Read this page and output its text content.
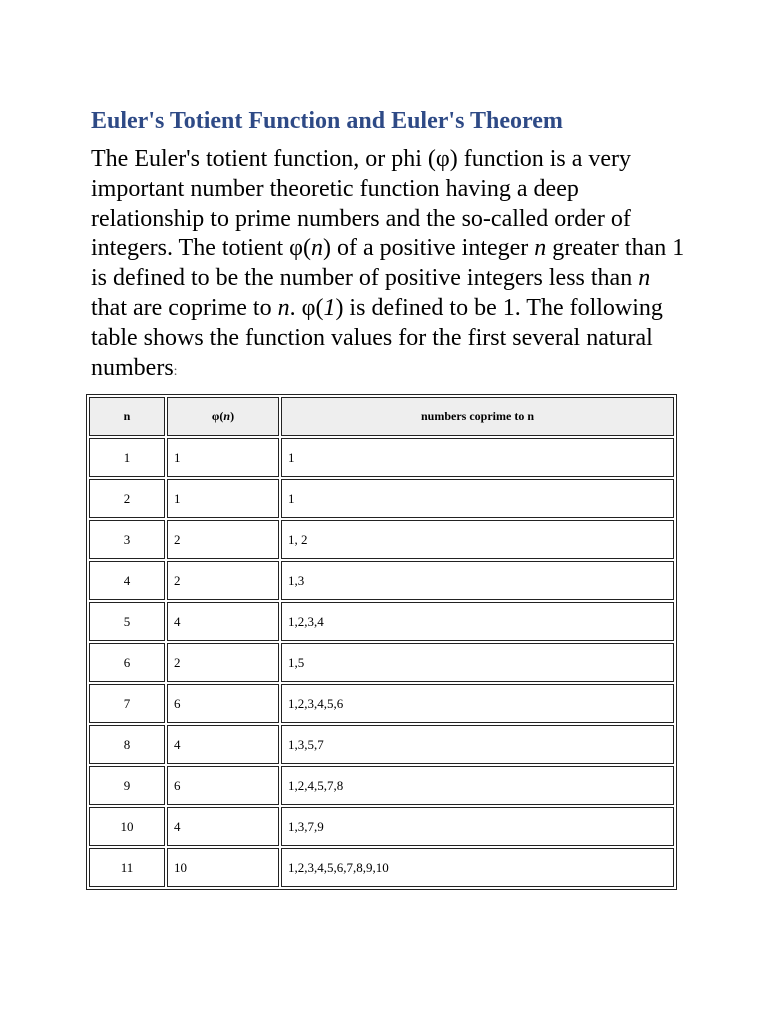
Euler's Totient Function and Euler's Theorem

The Euler's totient function, or phi (φ) function is a very important number theoretic function having a deep relationship to prime numbers and the so-called order of integers. The totient φ(n) of a positive integer n greater than 1 is defined to be the number of positive integers less than n that are coprime to n. φ(1) is defined to be 1. The following table shows the function values for the first several natural numbers:

n	φ(n)	numbers coprime to n
1	1	1
2	1	1
3	2	1, 2
4	2	1,3
5	4	1,2,3,4
6	2	1,5
7	6	1,2,3,4,5,6
8	4	1,3,5,7
9	6	1,2,4,5,7,8
10	4	1,3,7,9
11	10	1,2,3,4,5,6,7,8,9,10
